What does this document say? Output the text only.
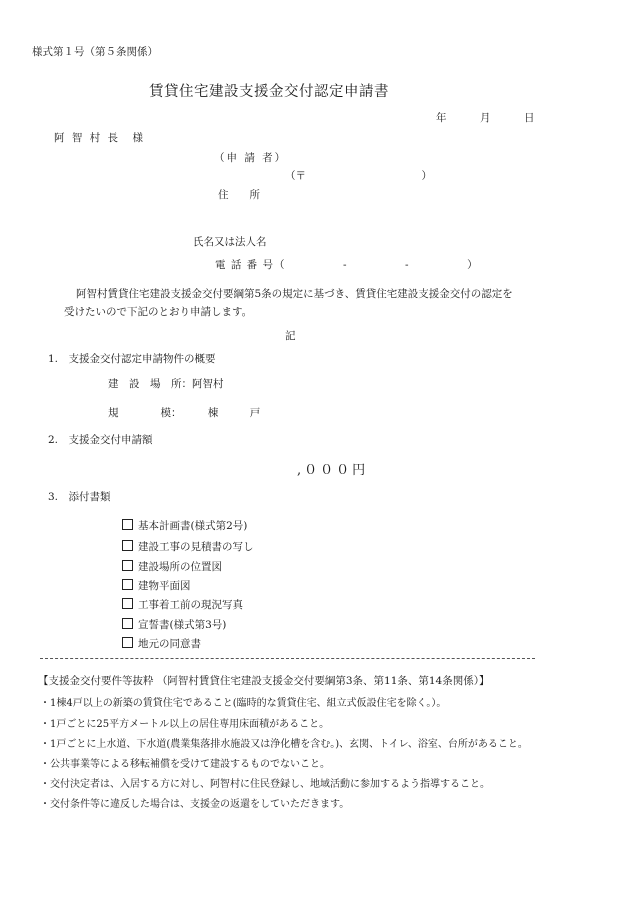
様式第１号（第５条関係）
賃貸住宅建設支援金交付認定申請書
年	月	日
阿 智 村 長　様
（申 請 者）
（〒　　　　　　　　　　　）
住　　所
氏名又は法人名
電 話 番 号（　　　　　-　　　　　-　　　　　）
阿智村賃貸住宅建設支援金交付要綱第5条の規定に基づき、賃貸住宅建設支援金交付の認定を
受けたいので下記のとおり申請します。
記
1.　支援金交付認定申請物件の概要
建　設　場　所：阿智村
規　　　　模：　　　棟　　　戸
2.　支援金交付申請額
,０００円
3.　添付書類
基本計画書(様式第2号)
建設工事の見積書の写し
建設場所の位置図
建物平面図
工事着工前の現況写真
宣誓書(様式第3号)
地元の同意書
【支援金交付要件等抜粋 （阿智村賃貸住宅建設支援金交付要綱第3条、第11条、第14条関係）】
・1棟4戸以上の新築の賃貸住宅であること(臨時的な賃貸住宅、組立式仮設住宅を除く。）。
・1戸ごとに25平方メートル以上の居住専用床面積があること。
・1戸ごとに上水道、下水道(農業集落排水施設又は浄化槽を含む。)、玄関、トイレ、浴室、台所があること。
・公共事業等による移転補償を受けて建設するものでないこと。
・交付決定者は、入居する方に対し、阿智村に住民登録し、地域活動に参加するよう指導すること。
・交付条件等に違反した場合は、支援金の返還をしていただきます。
